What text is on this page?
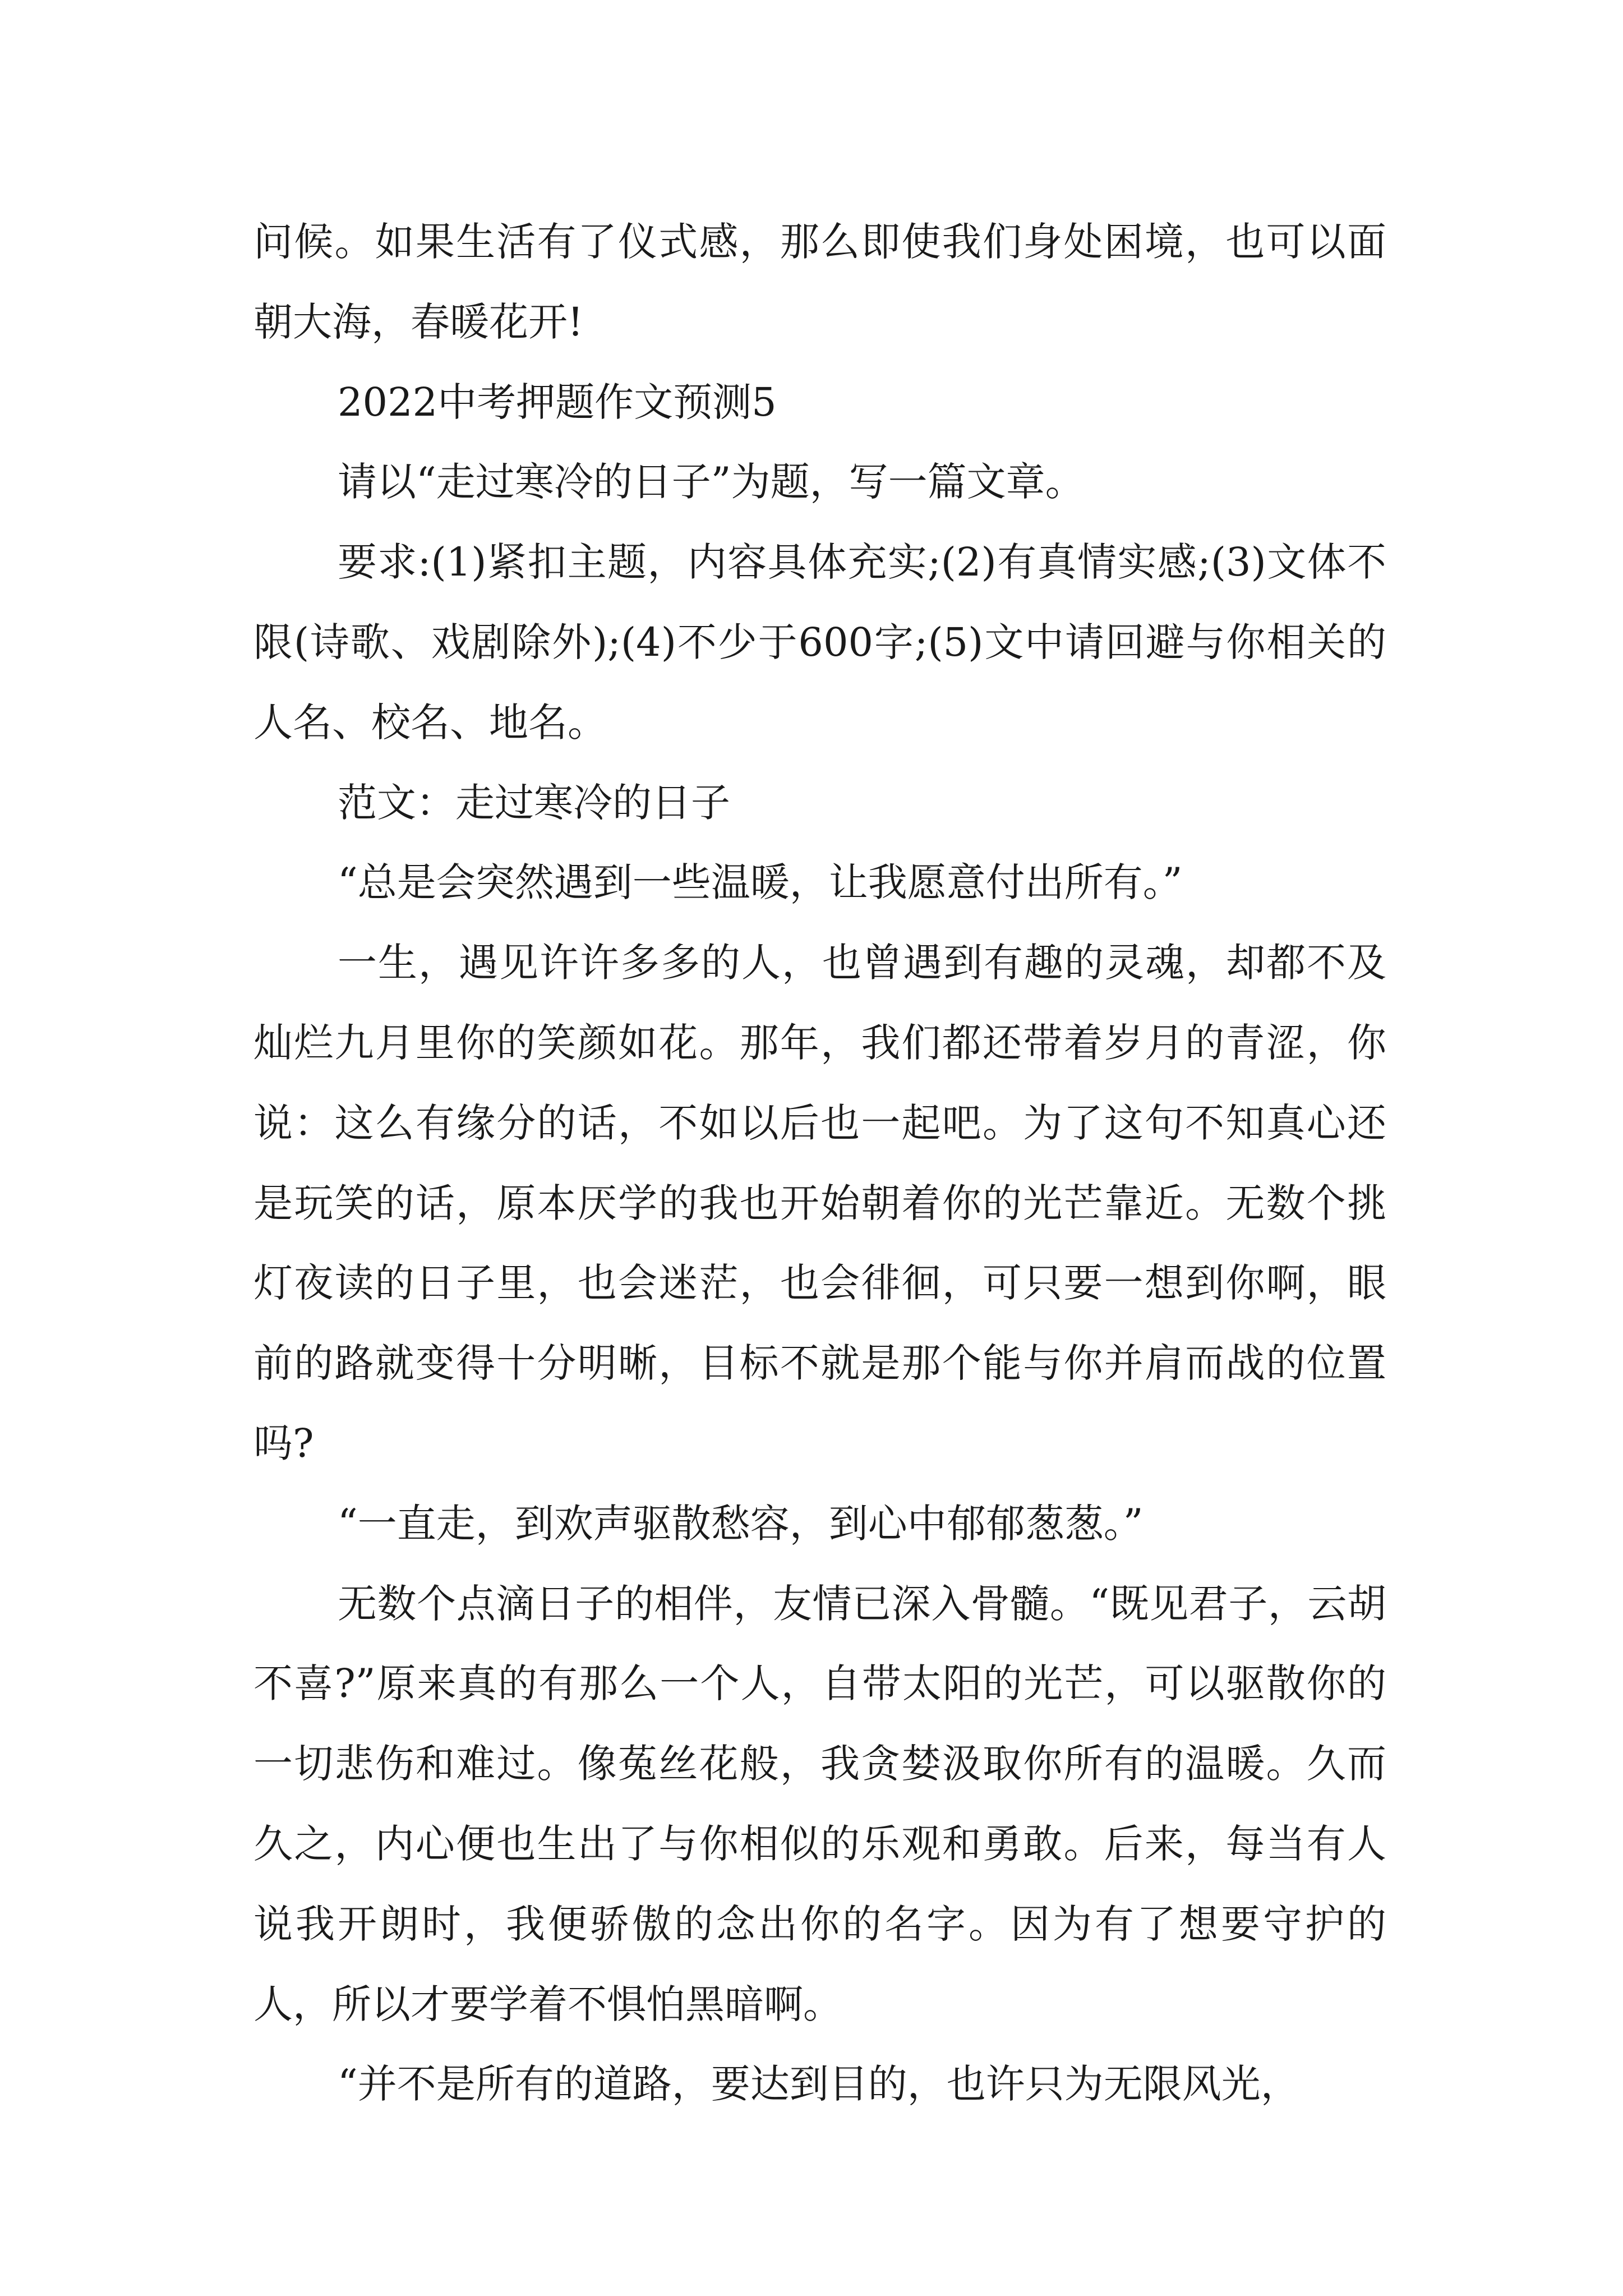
问候。如果生活有了仪式感，那么即使我们身处困境，也可以面朝大海，春暖花开!

2022中考押题作文预测5

请以“走过寒冷的日子”为题，写一篇文章。

要求:(1)紧扣主题，内容具体充实;(2)有真情实感;(3)文体不限(诗歌、戏剧除外);(4)不少于600字;(5)文中请回避与你相关的人名、校名、地名。

范文：走过寒冷的日子

“总是会突然遇到一些温暖，让我愿意付出所有。”

一生，遇见许许多多的人，也曾遇到有趣的灵魂，却都不及灿烂九月里你的笑颜如花。那年，我们都还带着岁月的青涩，你说：这么有缘分的话，不如以后也一起吧。为了这句不知真心还是玩笑的话，原本厌学的我也开始朝着你的光芒靠近。无数个挑灯夜读的日子里，也会迷茫，也会徘徊，可只要一想到你啊，眼前的路就变得十分明晰，目标不就是那个能与你并肩而战的位置吗?

“一直走，到欢声驱散愁容，到心中郁郁葱葱。”

无数个点滴日子的相伴，友情已深入骨髓。“既见君子，云胡不喜?”原来真的有那么一个人，自带太阳的光芒，可以驱散你的一切悲伤和难过。像菟丝花般，我贪婪汲取你所有的温暖。久而久之，内心便也生出了与你相似的乐观和勇敢。后来，每当有人说我开朗时，我便骄傲的念出你的名字。因为有了想要守护的人，所以才要学着不惧怕黑暗啊。

“并不是所有的道路，要达到目的，也许只为无限风光，
